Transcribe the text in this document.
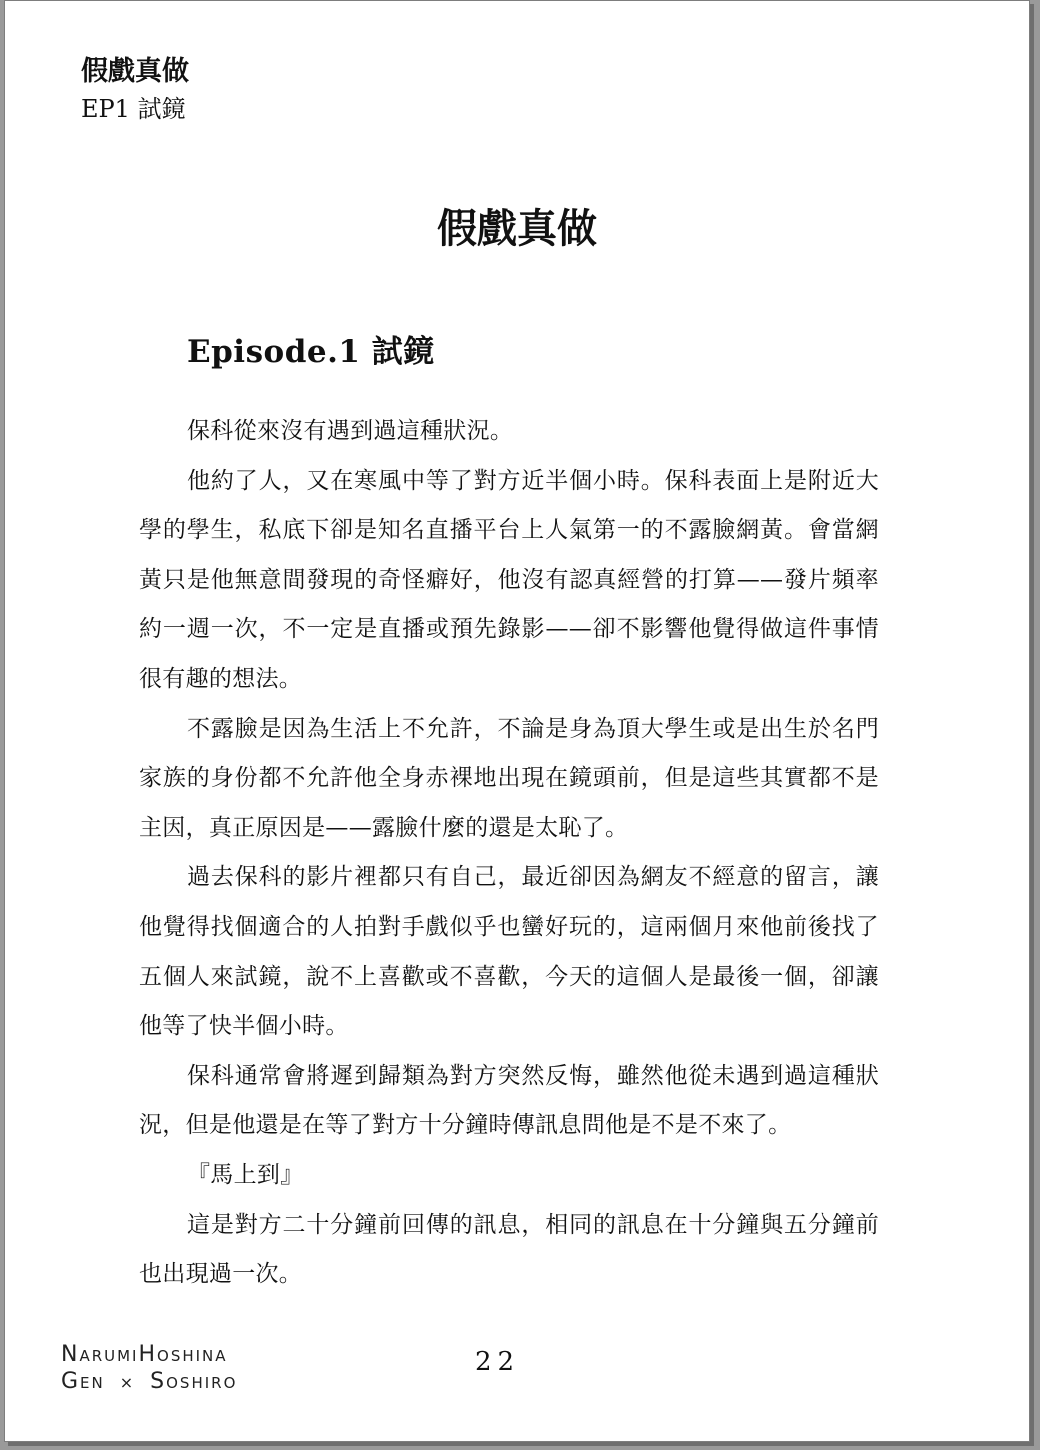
假戲真做
EP1 試鏡
假戲真做
Episode.1 試鏡

保科從來沒有遇到過這種狀況。

他約了人，又在寒風中等了對方近半個小時。保科表面上是附近大學的學生，私底下卻是知名直播平台上人氣第一的不露臉網黃。會當網黃只是他無意間發現的奇怪癖好，他沒有認真經營的打算——發片頻率約一週一次，不一定是直播或預先錄影——卻不影響他覺得做這件事情很有趣的想法。

不露臉是因為生活上不允許，不論是身為頂大學生或是出生於名門家族的身份都不允許他全身赤裸地出現在鏡頭前，但是這些其實都不是主因，真正原因是——露臉什麼的還是太恥了。

過去保科的影片裡都只有自己，最近卻因為網友不經意的留言，讓他覺得找個適合的人拍對手戲似乎也蠻好玩的，這兩個月來他前後找了五個人來試鏡，說不上喜歡或不喜歡，今天的這個人是最後一個，卻讓他等了快半個小時。

保科通常會將遲到歸類為對方突然反悔，雖然他從未遇到過這種狀況，但是他還是在等了對方十分鐘時傳訊息問他是不是不來了。

『馬上到』

這是對方二十分鐘前回傳的訊息，相同的訊息在十分鐘與五分鐘前也出現過一次。

NarumiHoshina
Gen × Soshiro
22
